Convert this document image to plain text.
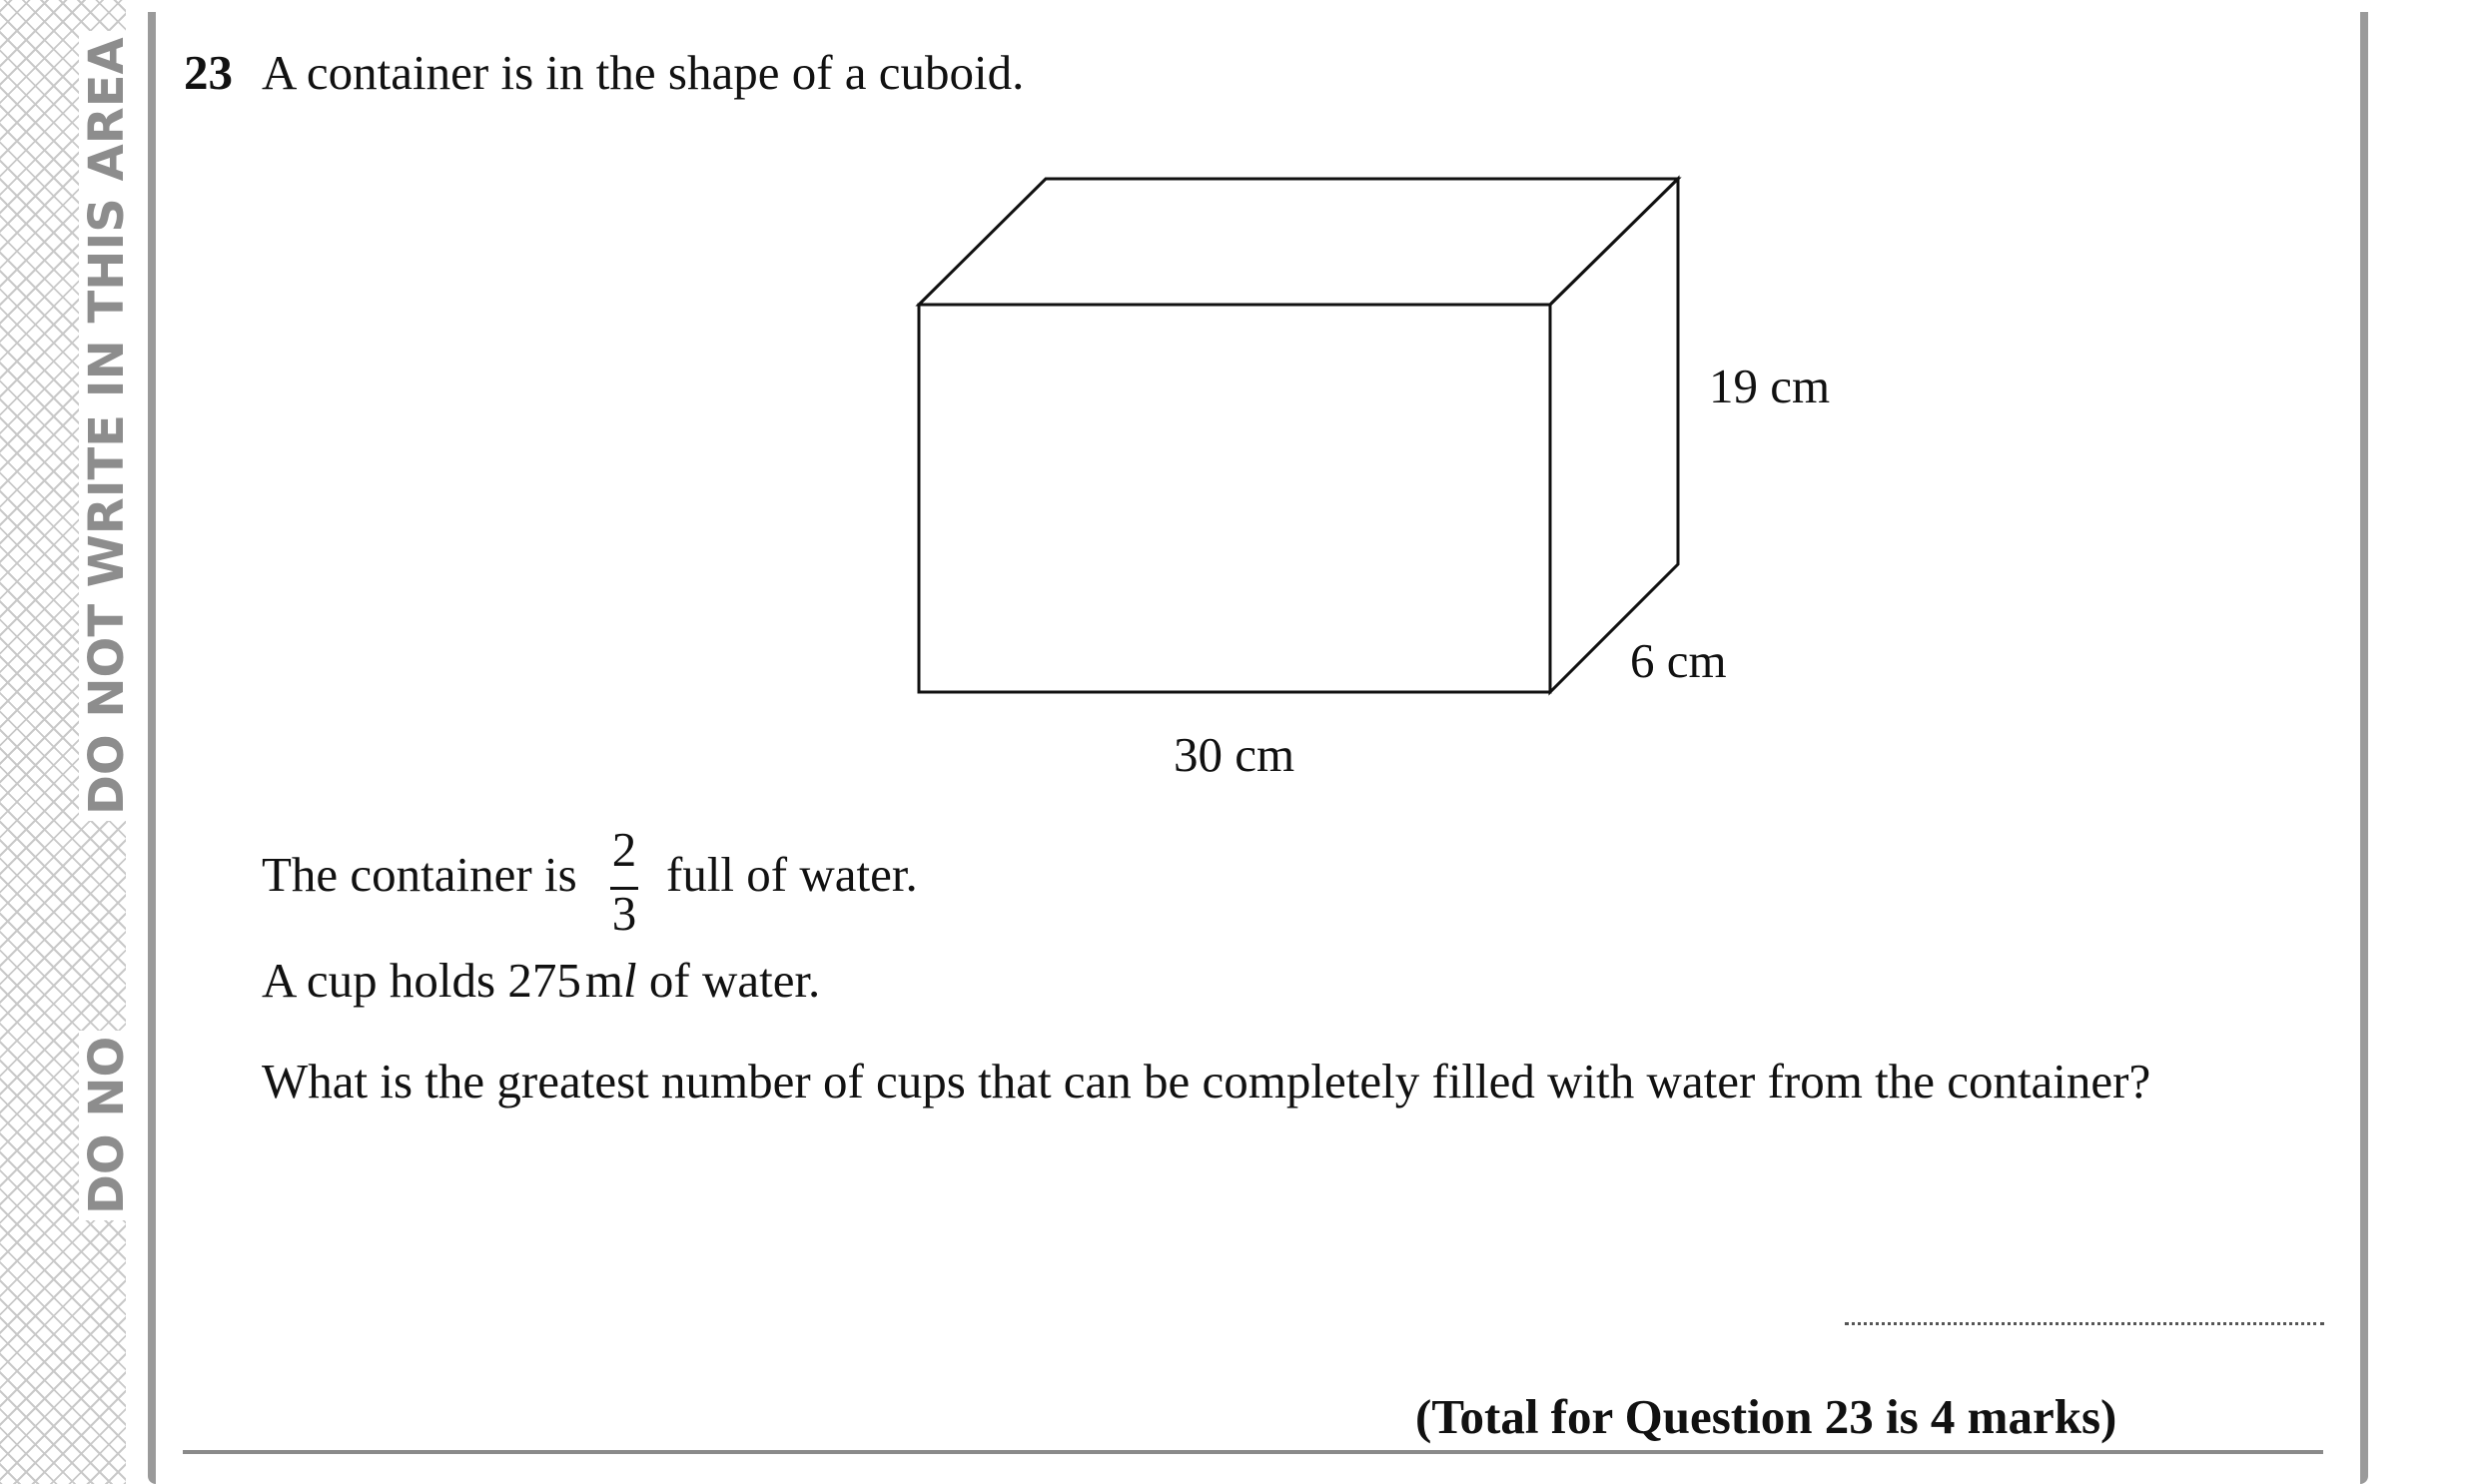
DO NOT WRITE IN THIS AREA
DO NO
23 A container is in the shape of a cuboid.
19 cm
6 cm
30 cm
The container is 2
3
full of water.
A cup holds 275ml of water.
What is the greatest number of cups that can be completely filled with water from the container?
(Total for Question 23 is 4 marks)
